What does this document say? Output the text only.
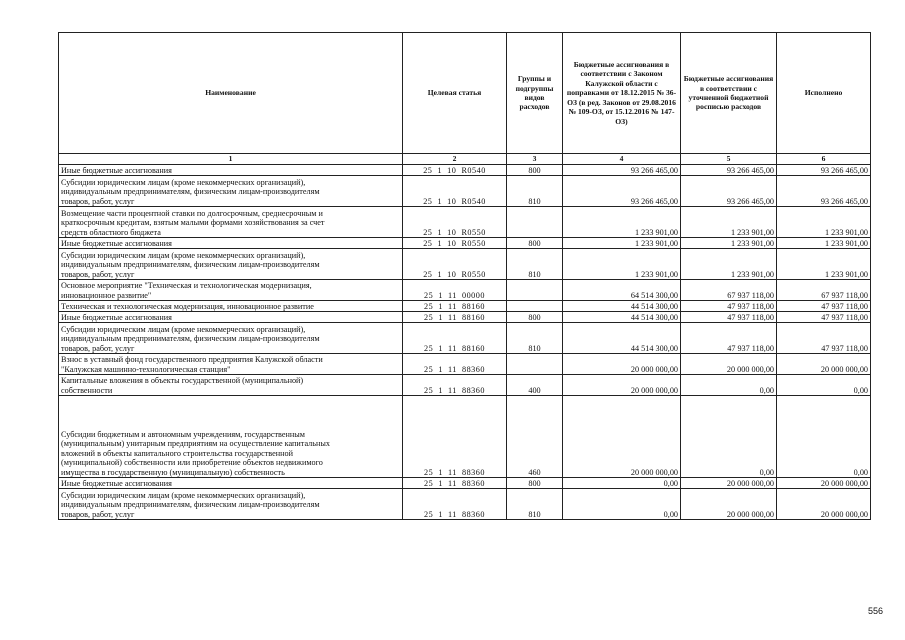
Наименование	Целевая статья	Группы и подгруппы видов расходов	Бюджетные ассигнования в соответствии с Законом Калужской области с поправками от 18.12.2015 № 36-ОЗ (в ред. Законов от 29.08.2016 № 109-ОЗ, от 15.12.2016 № 147-ОЗ)	Бюджетные ассигнования в соответствии с уточненной бюджетной росписью расходов	Исполнено
1	2	3	4	5	6
Иные бюджетные ассигнования	25  1  10  R0540	800	93 266 465,00	93 266 465,00	93 266 465,00
Субсидии юридическим лицам (кроме некоммерческих организаций),
индивидуальным предпринимателям, физическим лицам-производителям
товаров, работ, услуг	25  1  10  R0540	810	93 266 465,00	93 266 465,00	93 266 465,00
Возмещение части процентной ставки по долгосрочным, среднесрочным и
краткосрочным кредитам, взятым малыми формами хозяйствования за счет
средств областного бюджета	25  1  10  R0550		1 233 901,00	1 233 901,00	1 233 901,00
Иные бюджетные ассигнования	25  1  10  R0550	800	1 233 901,00	1 233 901,00	1 233 901,00
Субсидии юридическим лицам (кроме некоммерческих организаций),
индивидуальным предпринимателям, физическим лицам-производителям
товаров, работ, услуг	25  1  10  R0550	810	1 233 901,00	1 233 901,00	1 233 901,00
Основное мероприятие "Техническая и технологическая модернизация,
инновационное развитие"	25  1  11  00000		64 514 300,00	67 937 118,00	67 937 118,00
Техническая и технологическая модернизация, инновационное развитие	25  1  11  88160		44 514 300,00	47 937 118,00	47 937 118,00
Иные бюджетные ассигнования	25  1  11  88160	800	44 514 300,00	47 937 118,00	47 937 118,00
Субсидии юридическим лицам (кроме некоммерческих организаций),
индивидуальным предпринимателям, физическим лицам-производителям
товаров, работ, услуг	25  1  11  88160	810	44 514 300,00	47 937 118,00	47 937 118,00
Взнос в уставный фонд государственного предприятия Калужской области
"Калужская машинно-технологическая станция"	25  1  11  88360		20 000 000,00	20 000 000,00	20 000 000,00
Капитальные вложения в объекты государственной (муниципальной)
собственности	25  1  11  88360	400	20 000 000,00	0,00	0,00
Субсидии бюджетным и автономным учреждениям, государственным
(муниципальным) унитарным предприятиям на осуществление капитальных
вложений в объекты капитального строительства государственной
(муниципальной) собственности или приобретение объектов недвижимого
имущества в государственную (муниципальную) собственность	25  1  11  88360	460	20 000 000,00	0,00	0,00
Иные бюджетные ассигнования	25  1  11  88360	800	0,00	20 000 000,00	20 000 000,00
Субсидии юридическим лицам (кроме некоммерческих организаций),
индивидуальным предпринимателям, физическим лицам-производителям
товаров, работ, услуг	25  1  11  88360	810	0,00	20 000 000,00	20 000 000,00
556
